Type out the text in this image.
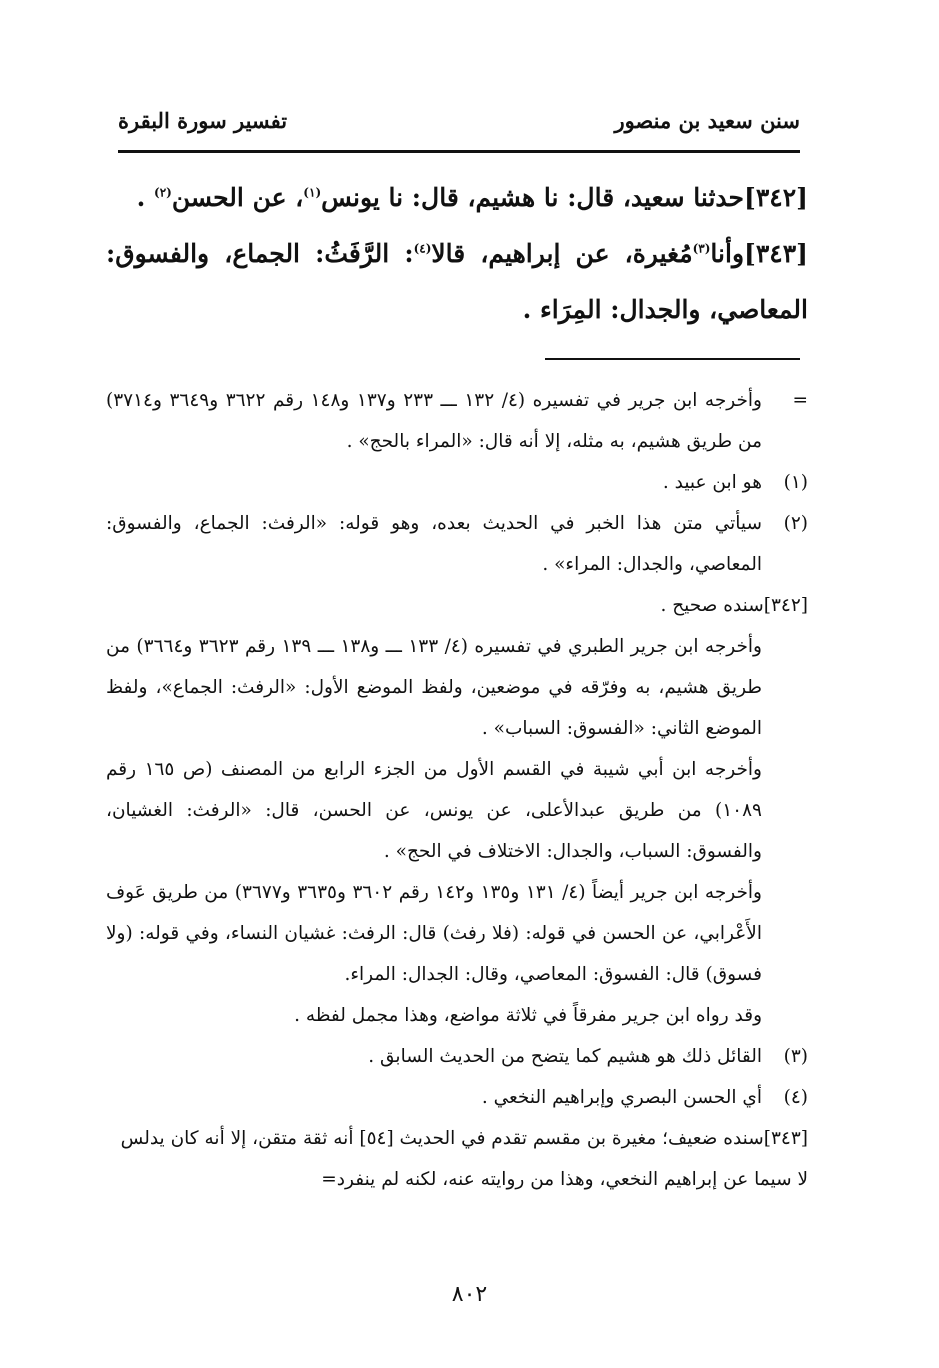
سنن سعيد بن منصور
تفسير سورة البقرة
[٣٤٢]حدثنا سعيد، قال: نا هشيم، قال: نا يونس$^{(١)}$، عن الحسن$^{(٢)}$ .
[٣٤٣]وأنا$^{(٣)}$مُغيرة، عن إبراهيم، قالا$^{(٤)}$: الرَّفَثُ: الجماع، والفسوق: المعاصي، والجدال: المِرَاء .
=
وأخرجه ابن جرير في تفسيره (٤/ ١٣٢ ـــ ٢٣٣ و١٣٧ و١٤٨ رقم ٣٦٢٢ و٣٦٤٩ و٣٧١٤) من طريق هشيم، به مثله، إلا أنه قال: «المراء بالحج» .
(١)
هو ابن عبيد .
(٢)
سيأتي متن هذا الخبر في الحديث بعده، وهو قوله: «الرفث: الجماع، والفسوق: المعاصي، والجدال: المراء» .
[٣٤٢]سنده صحيح .
وأخرجه ابن جرير الطبري في تفسيره (٤/ ١٣٣ ـــ و١٣٨ ـــ ١٣٩ رقم ٣٦٢٣ و٣٦٦٤) من طريق هشيم، به وفرّقه في موضعين، ولفظ الموضع الأول: «الرفث: الجماع»، ولفظ الموضع الثاني: «الفسوق: السباب» .
وأخرجه ابن أبي شيبة في القسم الأول من الجزء الرابع من المصنف (ص ١٦٥ رقم ١٠٨٩) من طريق عبدالأعلى، عن يونس، عن الحسن، قال: «الرفث: الغشيان، والفسوق: السباب، والجدال: الاختلاف في الحج» .
وأخرجه ابن جرير أيضاً (٤/ ١٣١ و١٣٥ و١٤٢ رقم ٣٦٠٢ و٣٦٣٥ و٣٦٧٧) من طريق عَوف الأَعْرابي، عن الحسن في قوله: (فلا رفث) قال: الرفث: غشيان النساء، وفي قوله: (ولا فسوق) قال: الفسوق: المعاصي، وقال: الجدال: المراء.
وقد رواه ابن جرير مفرقاً في ثلاثة مواضع، وهذا مجمل لفظه .
(٣)
القائل ذلك هو هشيم كما يتضح من الحديث السابق .
(٤)
أي الحسن البصري وإبراهيم النخعي .
[٣٤٣]سنده ضعيف؛ مغيرة بن مقسم تقدم في الحديث [٥٤] أنه ثقة متقن، إلا أنه كان يدلس لا سيما عن إبراهيم النخعي، وهذا من روايته عنه، لكنه لم ينفرد=
٨٠٢
